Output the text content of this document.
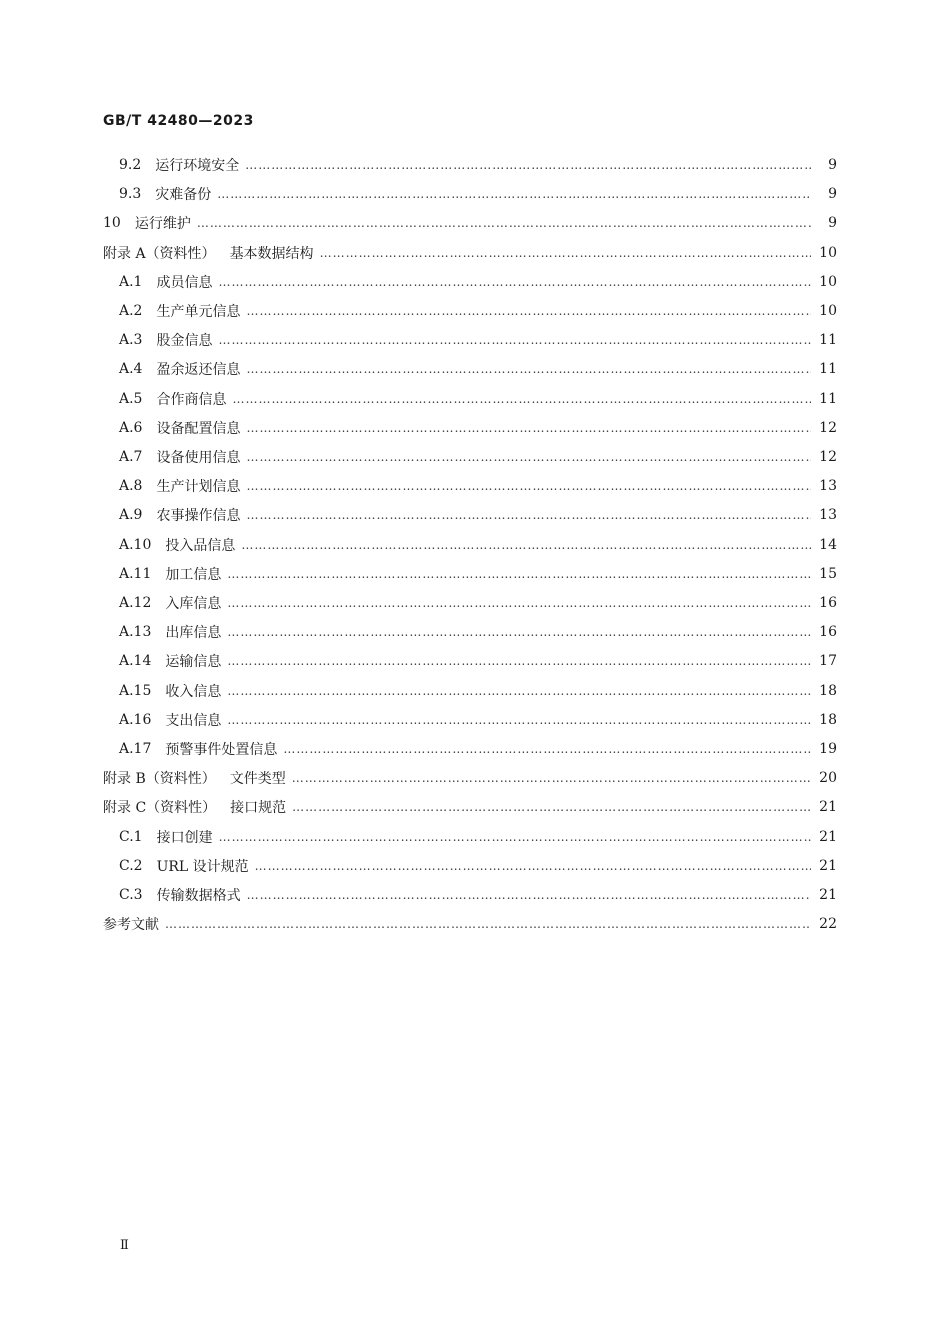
GB/T 42480—2023
9.2 运行环境安全 ………………………………………………………………………………………………………………………………………………………………………………………………………………………………………………………………	9
9.3 灾难备份 ………………………………………………………………………………………………………………………………………………………………………………………………………………………………………………………………	9
10 运行维护 ………………………………………………………………………………………………………………………………………………………………………………………………………………………………………………………………	9
附录 A（资料性） 基本数据结构 ………………………………………………………………………………………………………………………………………………………………………………………………………………………………………………………………	10
A.1 成员信息 ………………………………………………………………………………………………………………………………………………………………………………………………………………………………………………………………	10
A.2 生产单元信息 ………………………………………………………………………………………………………………………………………………………………………………………………………………………………………………………………	10
A.3 股金信息 ………………………………………………………………………………………………………………………………………………………………………………………………………………………………………………………………	11
A.4 盈余返还信息 ………………………………………………………………………………………………………………………………………………………………………………………………………………………………………………………………	11
A.5 合作商信息 ………………………………………………………………………………………………………………………………………………………………………………………………………………………………………………………………	11
A.6 设备配置信息 ………………………………………………………………………………………………………………………………………………………………………………………………………………………………………………………………	12
A.7 设备使用信息 ………………………………………………………………………………………………………………………………………………………………………………………………………………………………………………………………	12
A.8 生产计划信息 ………………………………………………………………………………………………………………………………………………………………………………………………………………………………………………………………	13
A.9 农事操作信息 ………………………………………………………………………………………………………………………………………………………………………………………………………………………………………………………………	13
A.10 投入品信息 ………………………………………………………………………………………………………………………………………………………………………………………………………………………………………………………………	14
A.11 加工信息 ………………………………………………………………………………………………………………………………………………………………………………………………………………………………………………………………	15
A.12 入库信息 ………………………………………………………………………………………………………………………………………………………………………………………………………………………………………………………………	16
A.13 出库信息 ………………………………………………………………………………………………………………………………………………………………………………………………………………………………………………………………	16
A.14 运输信息 ………………………………………………………………………………………………………………………………………………………………………………………………………………………………………………………………	17
A.15 收入信息 ………………………………………………………………………………………………………………………………………………………………………………………………………………………………………………………………	18
A.16 支出信息 ………………………………………………………………………………………………………………………………………………………………………………………………………………………………………………………………	18
A.17 预警事件处置信息 ………………………………………………………………………………………………………………………………………………………………………………………………………………………………………………………………	19
附录 B（资料性） 文件类型 ………………………………………………………………………………………………………………………………………………………………………………………………………………………………………………………………	20
附录 C（资料性） 接口规范 ………………………………………………………………………………………………………………………………………………………………………………………………………………………………………………………………	21
C.1 接口创建 ………………………………………………………………………………………………………………………………………………………………………………………………………………………………………………………………	21
C.2 URL 设计规范 ………………………………………………………………………………………………………………………………………………………………………………………………………………………………………………………………	21
C.3 传输数据格式 ………………………………………………………………………………………………………………………………………………………………………………………………………………………………………………………………	21
参考文献 ………………………………………………………………………………………………………………………………………………………………………………………………………………………………………………………………	22
Ⅱ
